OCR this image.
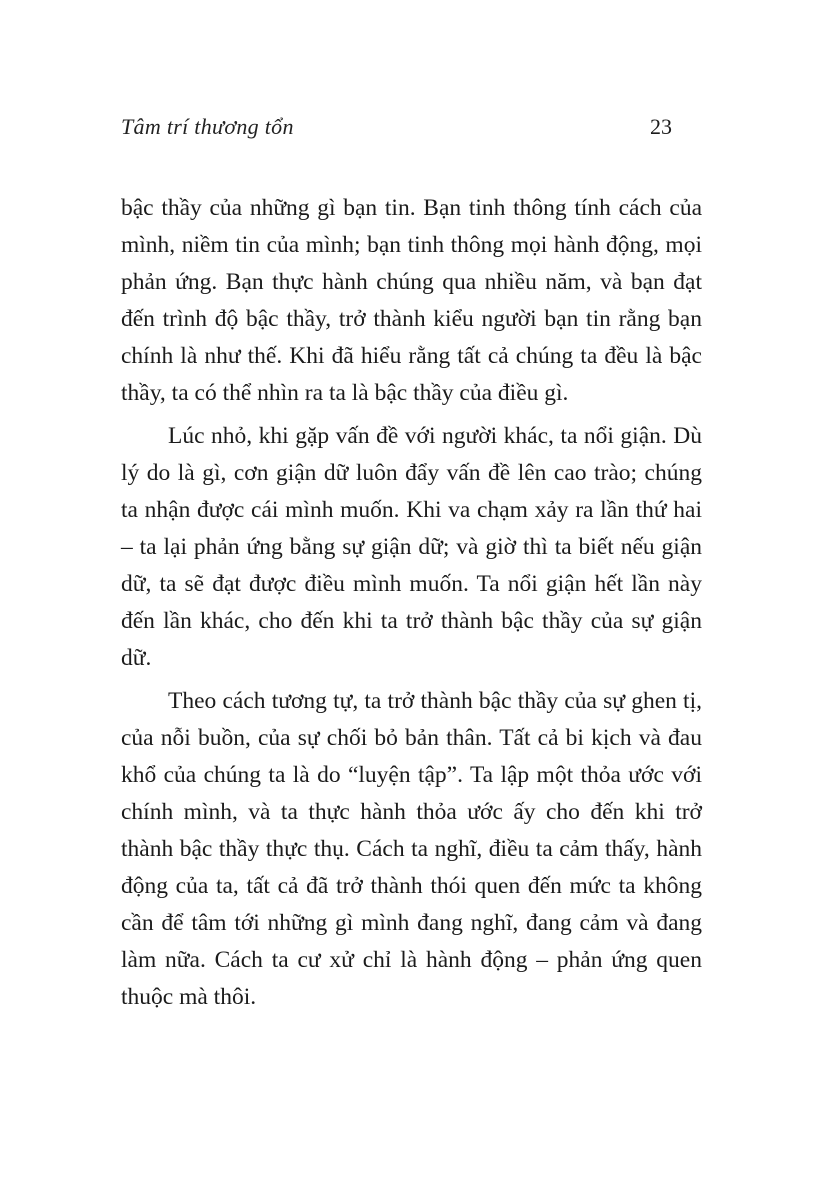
Tâm trí thương tổn	23

bậc thầy của những gì bạn tin. Bạn tinh thông tính cách của mình, niềm tin của mình; bạn tinh thông mọi hành động, mọi phản ứng. Bạn thực hành chúng qua nhiều năm, và bạn đạt đến trình độ bậc thầy, trở thành kiểu người bạn tin rằng bạn chính là như thế. Khi đã hiểu rằng tất cả chúng ta đều là bậc thầy, ta có thể nhìn ra ta là bậc thầy của điều gì.

Lúc nhỏ, khi gặp vấn đề với người khác, ta nổi giận. Dù lý do là gì, cơn giận dữ luôn đẩy vấn đề lên cao trào; chúng ta nhận được cái mình muốn. Khi va chạm xảy ra lần thứ hai – ta lại phản ứng bằng sự giận dữ; và giờ thì ta biết nếu giận dữ, ta sẽ đạt được điều mình muốn. Ta nổi giận hết lần này đến lần khác, cho đến khi ta trở thành bậc thầy của sự giận dữ.

Theo cách tương tự, ta trở thành bậc thầy của sự ghen tị, của nỗi buồn, của sự chối bỏ bản thân. Tất cả bi kịch và đau khổ của chúng ta là do “luyện tập”. Ta lập một thỏa ước với chính mình, và ta thực hành thỏa ước ấy cho đến khi trở thành bậc thầy thực thụ. Cách ta nghĩ, điều ta cảm thấy, hành động của ta, tất cả đã trở thành thói quen đến mức ta không cần để tâm tới những gì mình đang nghĩ, đang cảm và đang làm nữa. Cách ta cư xử chỉ là hành động – phản ứng quen thuộc mà thôi.
